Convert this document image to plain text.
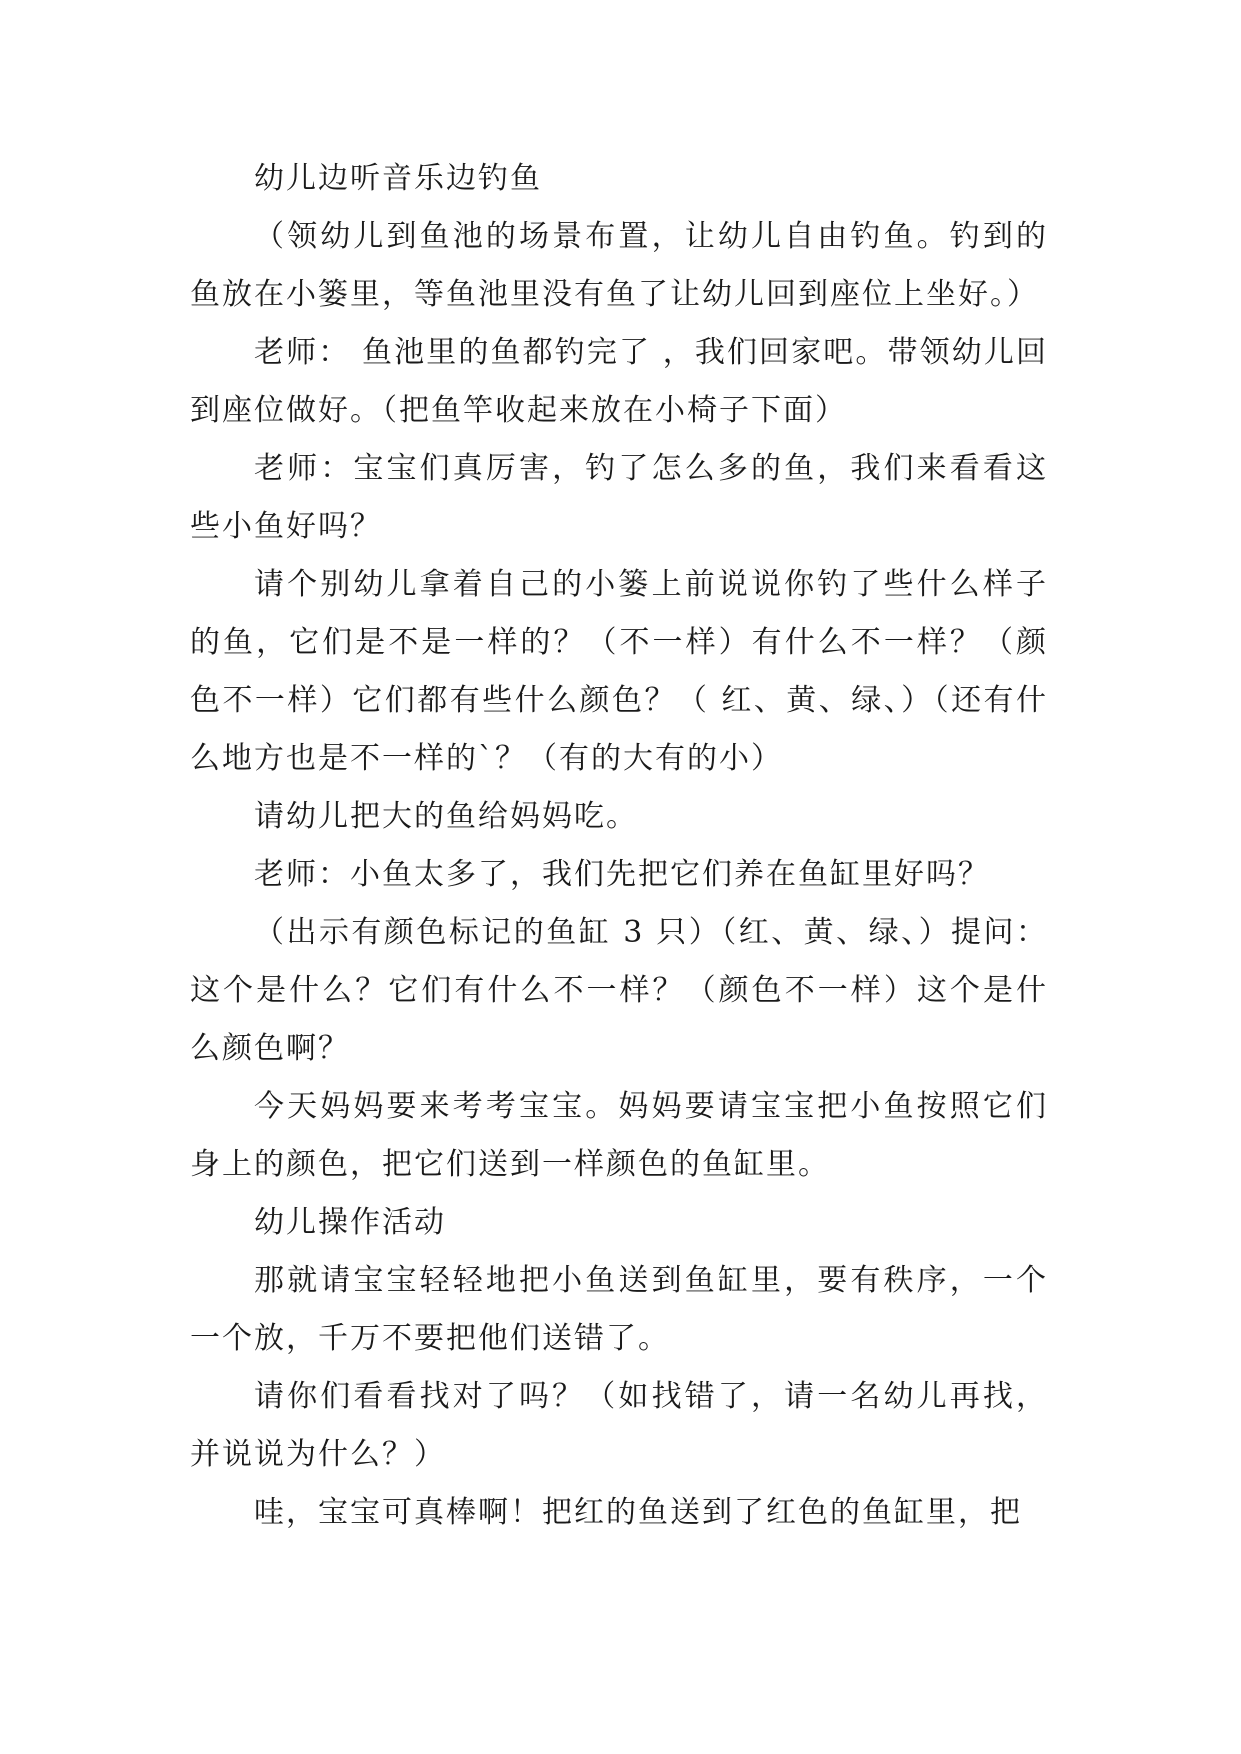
幼儿边听音乐边钓鱼

（领幼儿到鱼池的场景布置，让幼儿自由钓鱼。钓到的鱼放在小篓里，等鱼池里没有鱼了让幼儿回到座位上坐好。）

老师： 鱼池里的鱼都钓完了 ，我们回家吧。带领幼儿回到座位做好。（把鱼竿收起来放在小椅子下面）

老师：宝宝们真厉害，钓了怎么多的鱼，我们来看看这些小鱼好吗？

请个别幼儿拿着自己的小篓上前说说你钓了些什么样子的鱼，它们是不是一样的？（不一样）有什么不一样？（颜色不一样）它们都有些什么颜色？（ 红、黄、绿、）（还有什么地方也是不一样的`？（有的大有的小）

请幼儿把大的鱼给妈妈吃。

老师：小鱼太多了，我们先把它们养在鱼缸里好吗？

（出示有颜色标记的鱼缸 3 只）（红、黄、绿、）提问：这个是什么？它们有什么不一样？（颜色不一样）这个是什么颜色啊？

今天妈妈要来考考宝宝。妈妈要请宝宝把小鱼按照它们身上的颜色，把它们送到一样颜色的鱼缸里。

幼儿操作活动

那就请宝宝轻轻地把小鱼送到鱼缸里，要有秩序，一个一个放，千万不要把他们送错了。

请你们看看找对了吗？（如找错了，请一名幼儿再找，并说说为什么？）

哇，宝宝可真棒啊！把红的鱼送到了红色的鱼缸里，把
